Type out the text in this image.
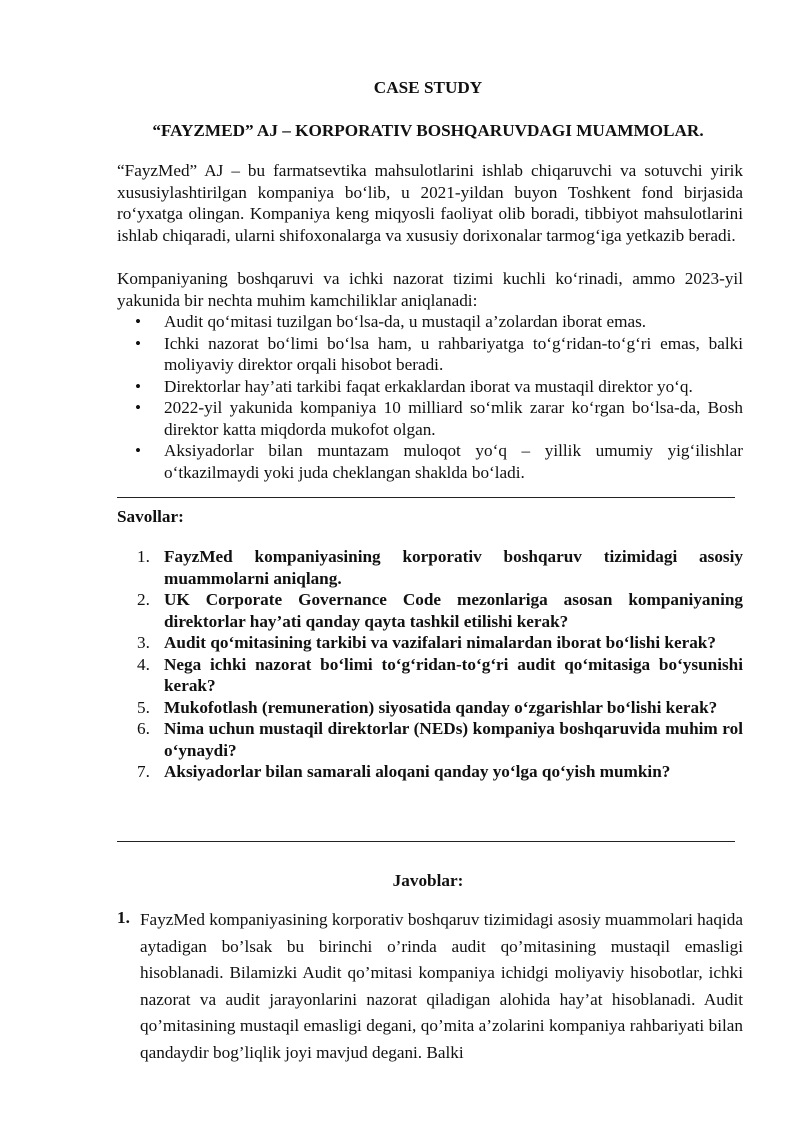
CASE STUDY
“FAYZMED” AJ – KORPORATIV BOSHQARUVDAGI MUAMMOLAR.
“FayzMed” AJ – bu farmatsevtika mahsulotlarini ishlab chiqaruvchi va sotuvchi yirik xususiylashtirilgan kompaniya bo‘lib, u 2021-yildan buyon Toshkent fond birjasida ro‘yxatga olingan. Kompaniya keng miqyosli faoliyat olib boradi, tibbiyot mahsulotlarini ishlab chiqaradi, ularni shifoxonalarga va xususiy dorixonalar tarmog‘iga yetkazib beradi.
Kompaniyaning boshqaruvi va ichki nazorat tizimi kuchli ko‘rinadi, ammo 2023-yil yakunida bir nechta muhim kamchiliklar aniqlanadi:
• Audit qo‘mitasi tuzilgan bo‘lsa-da, u mustaqil a’zolardan iborat emas.
• Ichki nazorat bo‘limi bo‘lsa ham, u rahbariyatga to‘g‘ridan-to‘g‘ri emas, balki moliyaviy direktor orqali hisobot beradi.
• Direktorlar hay’ati tarkibi faqat erkaklardan iborat va mustaqil direktor yo‘q.
• 2022-yil yakunida kompaniya 10 milliard so‘mlik zarar ko‘rgan bo‘lsa-da, Bosh direktor katta miqdorda mukofot olgan.
• Aksiyadorlar bilan muntazam muloqot yo‘q – yillik umumiy yig‘ilishlar o‘tkazilmaydi yoki juda cheklangan shaklda bo‘ladi.
Savollar:
1. FayzMed kompaniyasining korporativ boshqaruv tizimidagi asosiy muammolarni aniqlang.
2. UK Corporate Governance Code mezonlariga asosan kompaniyaning direktorlar hay’ati qanday qayta tashkil etilishi kerak?
3. Audit qo‘mitasining tarkibi va vazifalari nimalardan iborat bo‘lishi kerak?
4. Nega ichki nazorat bo‘limi to‘g‘ridan-to‘g‘ri audit qo‘mitasiga bo‘ysunishi kerak?
5. Mukofotlash (remuneration) siyosatida qanday o‘zgarishlar bo‘lishi kerak?
6. Nima uchun mustaqil direktorlar (NEDs) kompaniya boshqaruvida muhim rol o‘ynaydi?
7. Aksiyadorlar bilan samarali aloqani qanday yo‘lga qo‘yish mumkin?
Javoblar:
1. FayzMed kompaniyasining korporativ boshqaruv tizimidagi asosiy muammolari haqida aytadigan bo’lsak bu birinchi o’rinda audit qo’mitasining mustaqil emasligi hisoblanadi. Bilamizki Audit qo’mitasi kompaniya ichidgi moliyaviy hisobotlar, ichki nazorat va audit jarayonlarini nazorat qiladigan alohida hay’at hisoblanadi. Audit qo’mitasining mustaqil emasligi degani, qo’mita a’zolarini kompaniya rahbariyati bilan qandaydir bog’liqlik joyi mavjud degani. Balki
